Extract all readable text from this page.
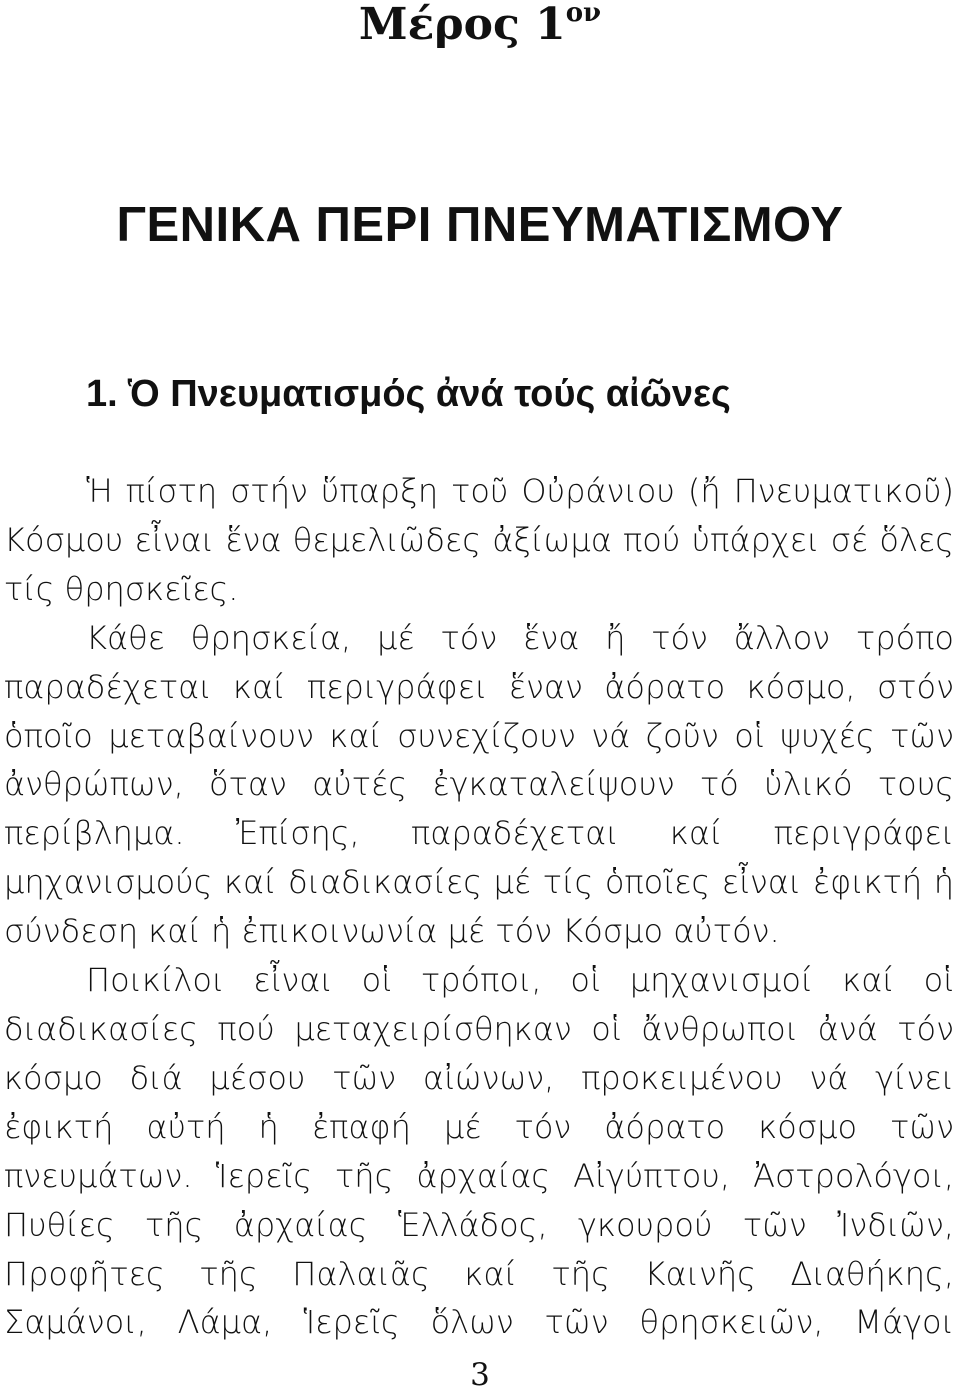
Μέρος $1^{o\nu}$
ΓΕΝΙΚΑ ΠΕΡΙ ΠΝΕΥΜΑΤΙΣΜΟΥ
1. Ὁ Πνευματισμός ἀνά τούς αἰῶνες

Ἡ πίστη στήν ὕπαρξη τοῦ Οὐράνιου (ἤ Πνευματικοῦ) Κόσμου εἶναι ἕνα θεμελιῶδες ἀξίωμα πού ὑπάρχει σέ ὅλες τίς θρησκεῖες.

Κάθε θρησκεία, μέ τόν ἕνα ἤ τόν ἄλλον τρόπο παραδέχεται καί περιγράφει ἕναν ἀόρατο κόσμο, στόν ὁποῖο μεταβαίνουν καί συνεχίζουν νά ζοῦν οἱ ψυχές τῶν ἀνθρώπων, ὅταν αὐτές ἐγκαταλείψουν τό ὑλικό τους περίβλημα. Ἐπίσης, παραδέχεται καί περιγράφει μηχανισμούς καί διαδικασίες μέ τίς ὁποῖες εἶναι ἐφικτή ἡ σύνδεση καί ἡ ἐπικοινωνία μέ τόν Κόσμο αὐτόν.

Ποικίλοι εἶναι οἱ τρόποι, οἱ μηχανισμοί καί οἱ διαδικασίες πού μεταχειρίσθηκαν οἱ ἄνθρωποι ἀνά τόν κόσμο διά μέσου τῶν αἰώνων, προκειμένου νά γίνει ἐφικτή αὐτή ἡ ἐπαφή μέ τόν ἀόρατο κόσμο τῶν πνευμάτων. Ἱερεῖς τῆς ἀρχαίας Αἰγύπτου, Ἀστρολόγοι, Πυθίες τῆς ἀρχαίας Ἑλλάδος, γκουρού τῶν Ἰνδιῶν, Προφῆτες τῆς Παλαιᾶς καί τῆς Καινῆς Διαθήκης, Σαμάνοι, Λάμα, Ἱερεῖς ὅλων τῶν θρησκειῶν, Μάγοι

3
